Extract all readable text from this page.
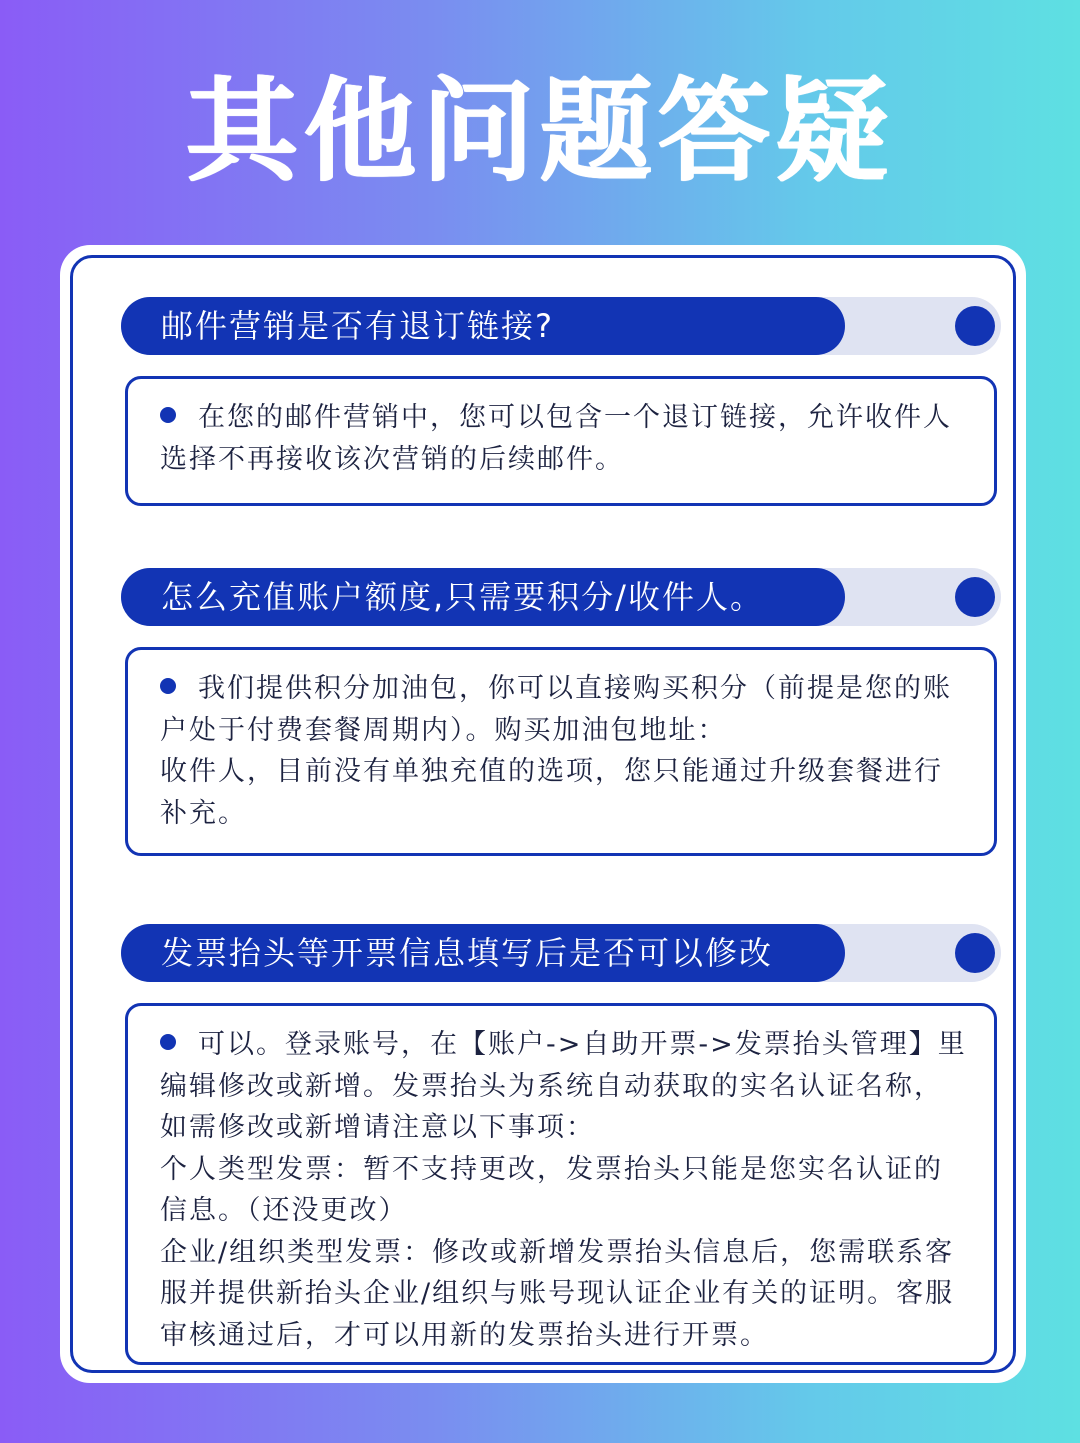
其他问题答疑
邮件营销是否有退订链接?

在您的邮件营销中，您可以包含一个退订链接，允许收件人选择不再接收该次营销的后续邮件。

怎么充值账户额度,只需要积分/收件人。

我们提供积分加油包，你可以直接购买积分（前提是您的账户处于付费套餐周期内）。购买加油包地址：

收件人，目前没有单独充值的选项，您只能通过升级套餐进行补充。

发票抬头等开票信息填写后是否可以修改

可以。登录账号，在【账户->自助开票->发票抬头管理】里编辑修改或新增。发票抬头为系统自动获取的实名认证名称，如需修改或新增请注意以下事项：

个人类型发票：暂不支持更改，发票抬头只能是您实名认证的信息。（还没更改）

企业/组织类型发票：修改或新增发票抬头信息后，您需联系客服并提供新抬头企业/组织与账号现认证企业有关的证明。客服审核通过后，才可以用新的发票抬头进行开票。
